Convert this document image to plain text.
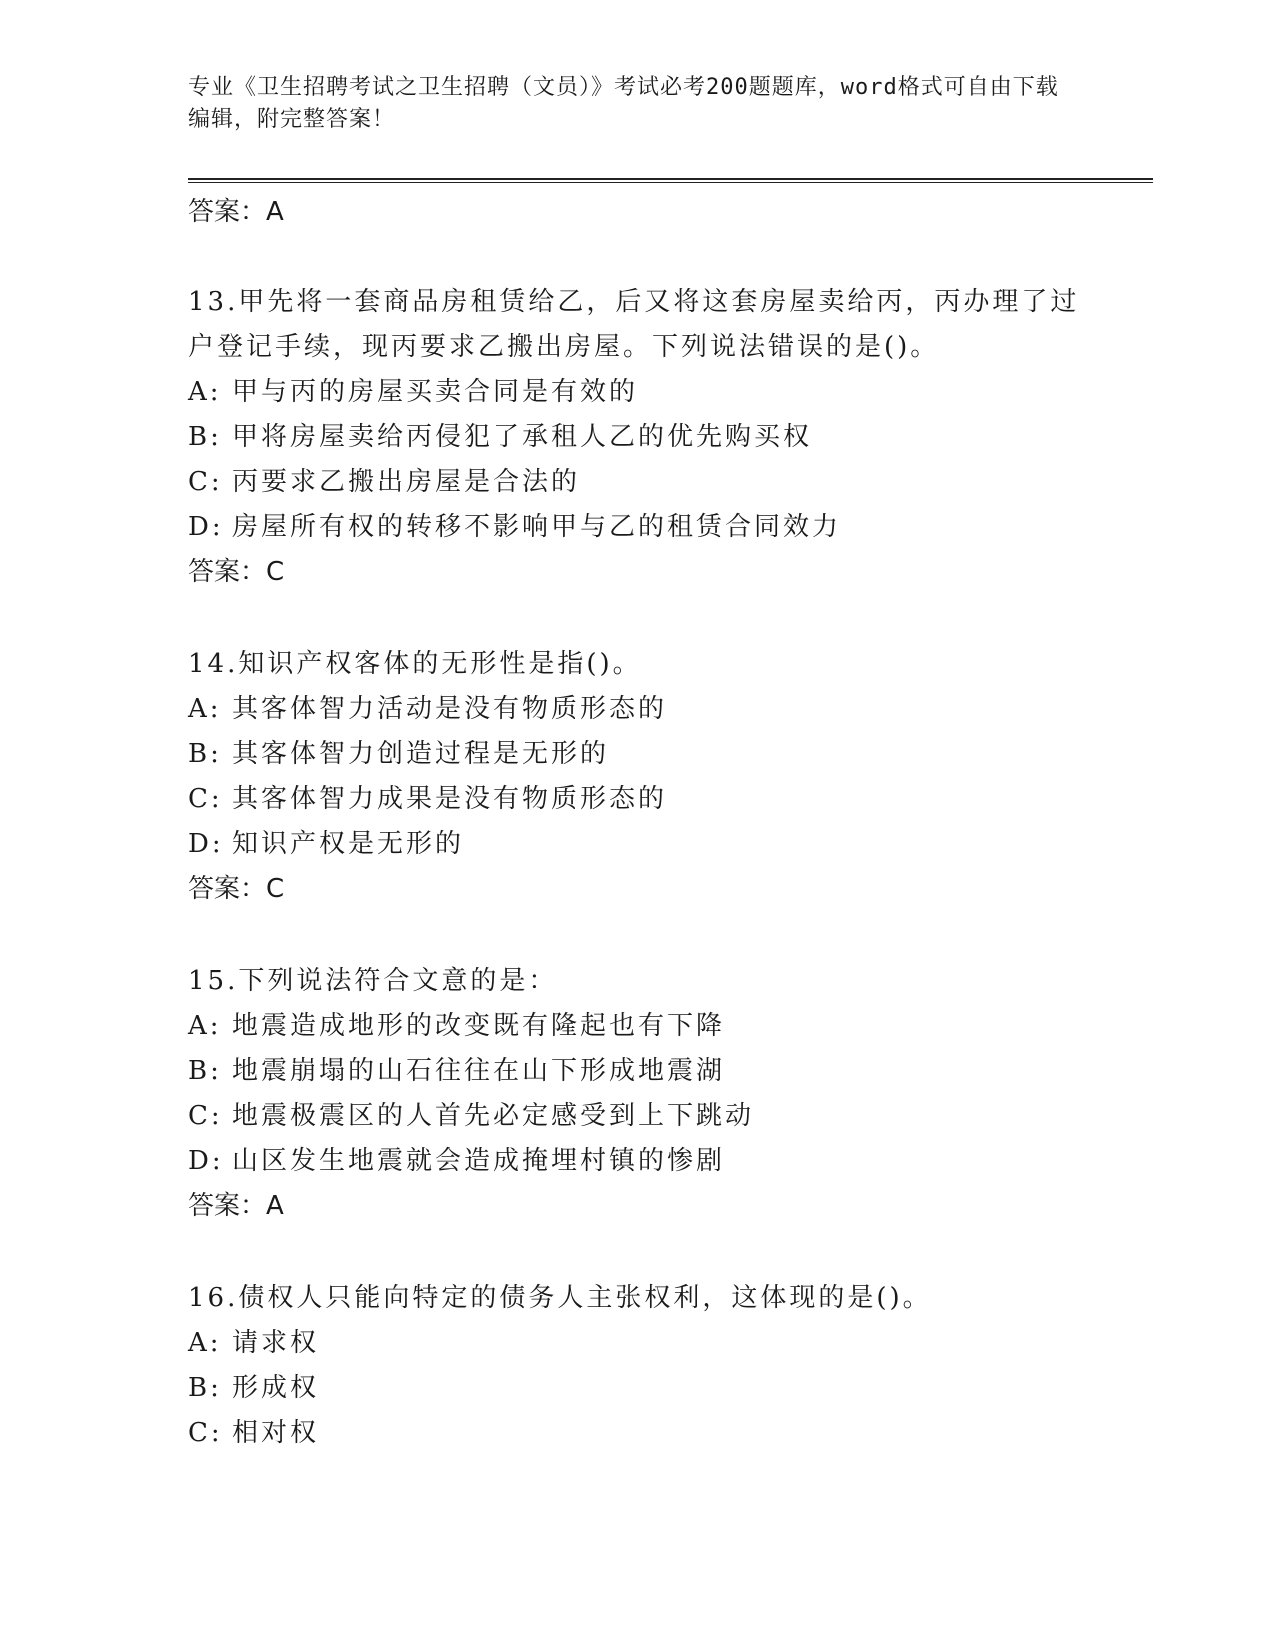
专业《卫生招聘考试之卫生招聘（文员）》考试必考200题题库，word格式可自由下载编辑，附完整答案！
答案：A
13.甲先将一套商品房租赁给乙，后又将这套房屋卖给丙，丙办理了过户登记手续，现丙要求乙搬出房屋。下列说法错误的是()。
A: 甲与丙的房屋买卖合同是有效的
B: 甲将房屋卖给丙侵犯了承租人乙的优先购买权
C: 丙要求乙搬出房屋是合法的
D: 房屋所有权的转移不影响甲与乙的租赁合同效力
答案：C
14.知识产权客体的无形性是指()。
A: 其客体智力活动是没有物质形态的
B: 其客体智力创造过程是无形的
C: 其客体智力成果是没有物质形态的
D: 知识产权是无形的
答案：C
15.下列说法符合文意的是：
A: 地震造成地形的改变既有隆起也有下降
B: 地震崩塌的山石往往在山下形成地震湖
C: 地震极震区的人首先必定感受到上下跳动
D: 山区发生地震就会造成掩埋村镇的惨剧
答案：A
16.债权人只能向特定的债务人主张权利，这体现的是()。
A: 请求权
B: 形成权
C: 相对权
